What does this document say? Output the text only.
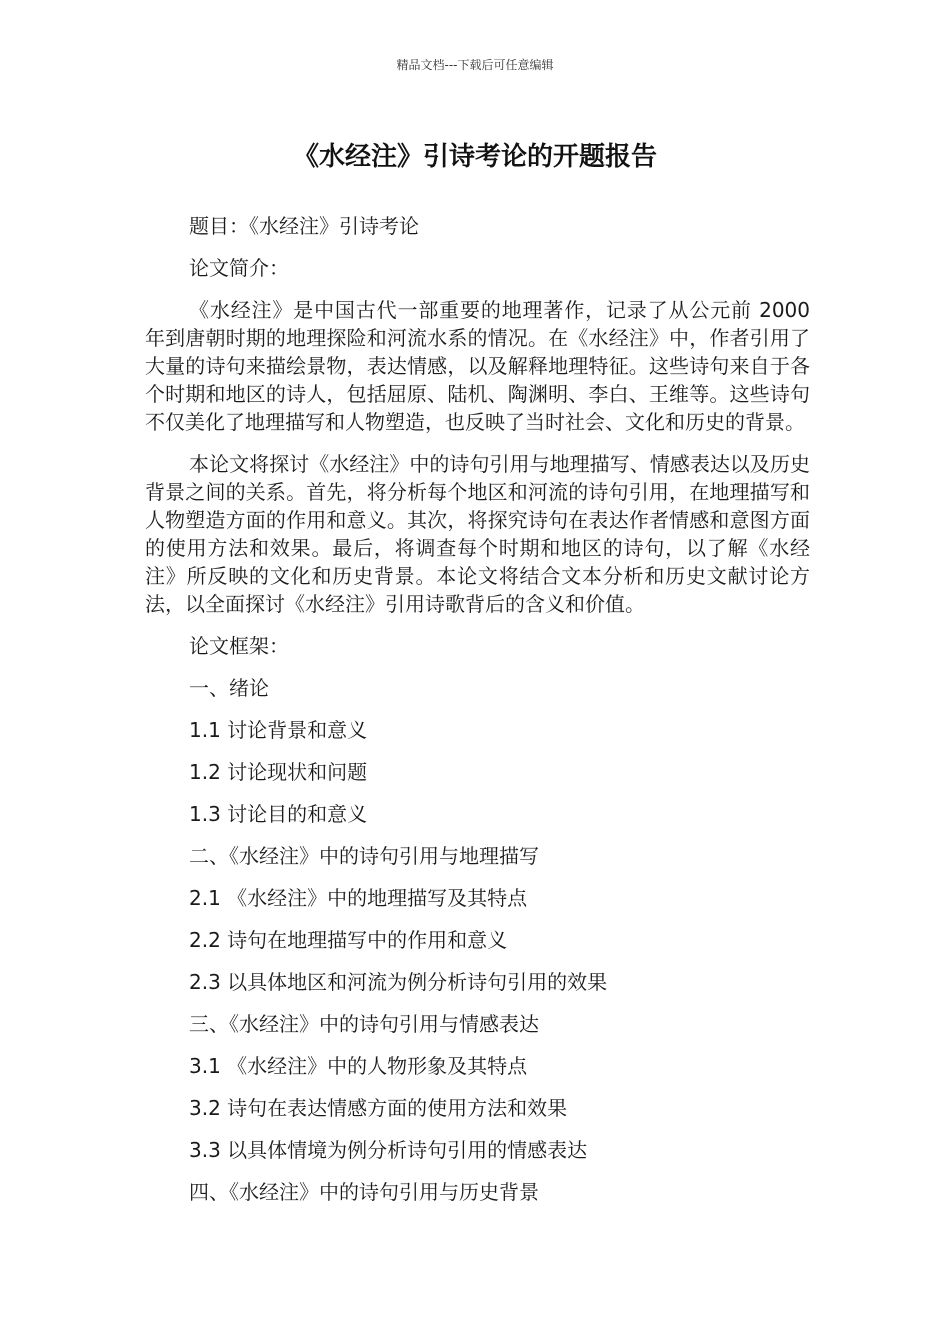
精品文档---下载后可任意编辑
《水经注》引诗考论的开题报告

题目：《水经注》引诗考论

论文简介：

《水经注》是中国古代一部重要的地理著作，记录了从公元前 2000 年到唐朝时期的地理探险和河流水系的情况。在《水经注》中，作者引用了大量的诗句来描绘景物，表达情感，以及解释地理特征。这些诗句来自于各个时期和地区的诗人，包括屈原、陆机、陶渊明、李白、王维等。这些诗句不仅美化了地理描写和人物塑造，也反映了当时社会、文化和历史的背景。

本论文将探讨《水经注》中的诗句引用与地理描写、情感表达以及历史背景之间的关系。首先，将分析每个地区和河流的诗句引用，在地理描写和人物塑造方面的作用和意义。其次，将探究诗句在表达作者情感和意图方面的使用方法和效果。最后，将调查每个时期和地区的诗句，以了解《水经注》所反映的文化和历史背景。本论文将结合文本分析和历史文献讨论方法，以全面探讨《水经注》引用诗歌背后的含义和价值。

论文框架：

一、绪论

1.1 讨论背景和意义

1.2 讨论现状和问题

1.3 讨论目的和意义

二、《水经注》中的诗句引用与地理描写

2.1 《水经注》中的地理描写及其特点

2.2 诗句在地理描写中的作用和意义

2.3 以具体地区和河流为例分析诗句引用的效果

三、《水经注》中的诗句引用与情感表达

3.1 《水经注》中的人物形象及其特点

3.2 诗句在表达情感方面的使用方法和效果

3.3 以具体情境为例分析诗句引用的情感表达

四、《水经注》中的诗句引用与历史背景
